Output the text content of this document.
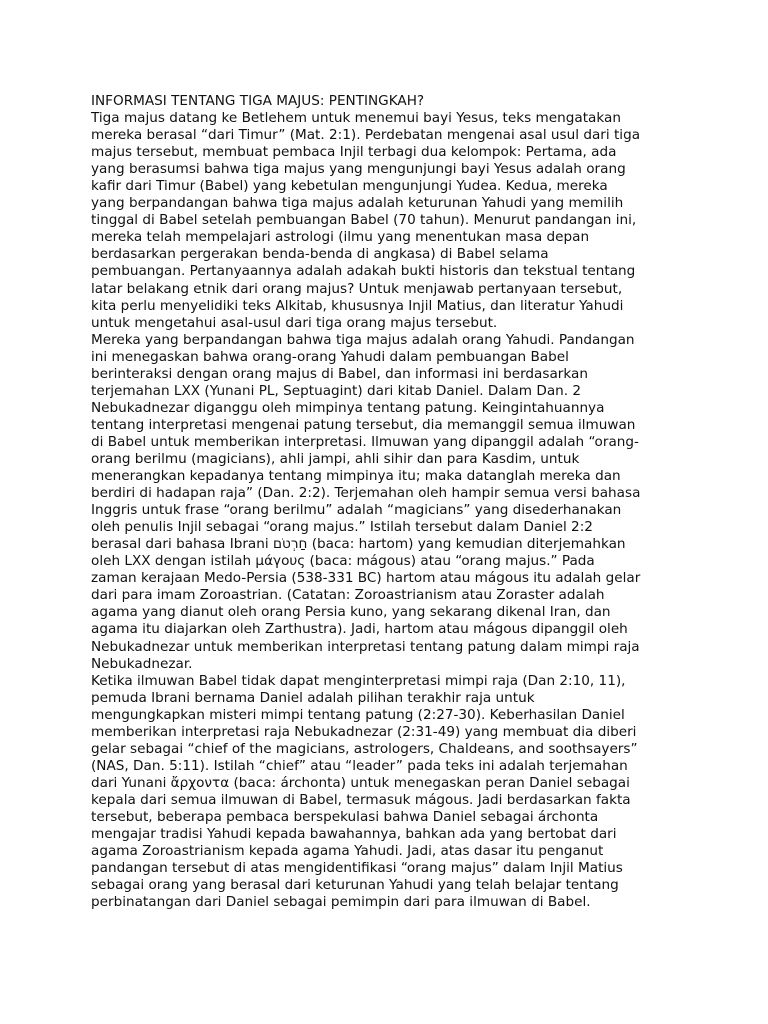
INFORMASI TENTANG TIGA MAJUS: PENTINGKAH?

Tiga majus datang ke Betlehem untuk menemui bayi Yesus, teks mengatakan
mereka berasal “dari Timur” (Mat. 2:1). Perdebatan mengenai asal usul dari tiga
majus tersebut, membuat pembaca Injil terbagi dua kelompok: Pertama, ada
yang berasumsi bahwa tiga majus yang mengunjungi bayi Yesus adalah orang
kafir dari Timur (Babel) yang kebetulan mengunjungi Yudea. Kedua, mereka
yang berpandangan bahwa tiga majus adalah keturunan Yahudi yang memilih
tinggal di Babel setelah pembuangan Babel (70 tahun). Menurut pandangan ini,
mereka telah mempelajari astrologi (ilmu yang menentukan masa depan
berdasarkan pergerakan benda-benda di angkasa) di Babel selama
pembuangan. Pertanyaannya adalah adakah bukti historis dan tekstual tentang
latar belakang etnik dari orang majus? Untuk menjawab pertanyaan tersebut,
kita perlu menyelidiki teks Alkitab, khususnya Injil Matius, dan literatur Yahudi
untuk mengetahui asal-usul dari tiga orang majus tersebut.

Mereka yang berpandangan bahwa tiga majus adalah orang Yahudi. Pandangan
ini menegaskan bahwa orang-orang Yahudi dalam pembuangan Babel
berinteraksi dengan orang majus di Babel, dan informasi ini berdasarkan
terjemahan LXX (Yunani PL, Septuagint) dari kitab Daniel. Dalam Dan. 2
Nebukadnezar diganggu oleh mimpinya tentang patung. Keingintahuannya
tentang interpretasi mengenai patung tersebut, dia memanggil semua ilmuwan
di Babel untuk memberikan interpretasi. Ilmuwan yang dipanggil adalah “orang-
orang berilmu (magicians), ahli jampi, ahli sihir dan para Kasdim, untuk
menerangkan kepadanya tentang mimpinya itu; maka datanglah mereka dan
berdiri di hadapan raja” (Dan. 2:2). Terjemahan oleh hampir semua versi bahasa
Inggris untuk frase “orang berilmu” adalah “magicians” yang disederhanakan
oleh penulis Injil sebagai “orang majus.” Istilah tersebut dalam Daniel 2:2
berasal dari bahasa Ibrani חַרְטֹם (baca: hartom) yang kemudian diterjemahkan
oleh LXX dengan istilah μάγους (baca: mágous) atau “orang majus.” Pada
zaman kerajaan Medo-Persia (538-331 BC) hartom atau mágous itu adalah gelar
dari para imam Zoroastrian. (Catatan: Zoroastrianism atau Zoraster adalah
agama yang dianut oleh orang Persia kuno, yang sekarang dikenal Iran, dan
agama itu diajarkan oleh Zarthustra). Jadi, hartom atau mágous dipanggil oleh
Nebukadnezar untuk memberikan interpretasi tentang patung dalam mimpi raja
Nebukadnezar.

Ketika ilmuwan Babel tidak dapat menginterpretasi mimpi raja (Dan 2:10, 11),
pemuda Ibrani bernama Daniel adalah pilihan terakhir raja untuk
mengungkapkan misteri mimpi tentang patung (2:27-30). Keberhasilan Daniel
memberikan interpretasi raja Nebukadnezar (2:31-49) yang membuat dia diberi
gelar sebagai “chief of the magicians, astrologers, Chaldeans, and soothsayers”
(NAS, Dan. 5:11). Istilah “chief” atau “leader” pada teks ini adalah terjemahan
dari Yunani ἄρχοντα (baca: árchonta) untuk menegaskan peran Daniel sebagai
kepala dari semua ilmuwan di Babel, termasuk mágous. Jadi berdasarkan fakta
tersebut, beberapa pembaca berspekulasi bahwa Daniel sebagai árchonta
mengajar tradisi Yahudi kepada bawahannya, bahkan ada yang bertobat dari
agama Zoroastrianism kepada agama Yahudi. Jadi, atas dasar itu penganut
pandangan tersebut di atas mengidentifikasi “orang majus” dalam Injil Matius
sebagai orang yang berasal dari keturunan Yahudi yang telah belajar tentang
perbinatangan dari Daniel sebagai pemimpin dari para ilmuwan di Babel.
